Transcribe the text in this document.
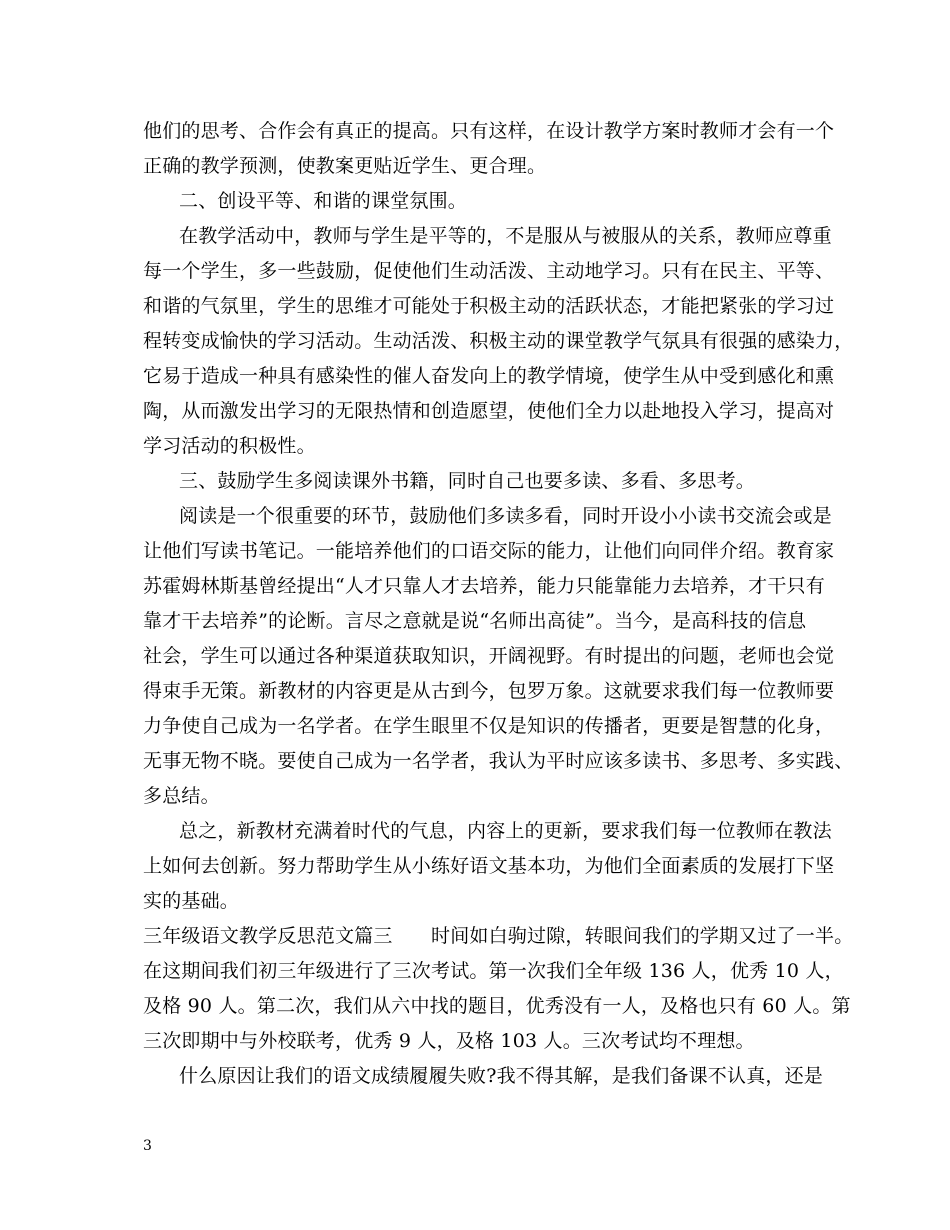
他们的思考、合作会有真正的提高。只有这样，在设计教学方案时教师才会有一个
正确的教学预测，使教案更贴近学生、更合理。
二、创设平等、和谐的课堂氛围。
在教学活动中，教师与学生是平等的，不是服从与被服从的关系，教师应尊重
每一个学生，多一些鼓励，促使他们生动活泼、主动地学习。只有在民主、平等、
和谐的气氛里，学生的思维才可能处于积极主动的活跃状态，才能把紧张的学习过
程转变成愉快的学习活动。生动活泼、积极主动的课堂教学气氛具有很强的感染力，
它易于造成一种具有感染性的催人奋发向上的教学情境，使学生从中受到感化和熏
陶，从而激发出学习的无限热情和创造愿望，使他们全力以赴地投入学习，提高对
学习活动的积极性。
三、鼓励学生多阅读课外书籍，同时自己也要多读、多看、多思考。
阅读是一个很重要的环节，鼓励他们多读多看，同时开设小小读书交流会或是
让他们写读书笔记。一能培养他们的口语交际的能力，让他们向同伴介绍。教育家
苏霍姆林斯基曾经提出“人才只靠人才去培养，能力只能靠能力去培养，才干只有
靠才干去培养”的论断。言尽之意就是说“名师出高徒”。当今，是高科技的信息
社会，学生可以通过各种渠道获取知识，开阔视野。有时提出的问题，老师也会觉
得束手无策。新教材的内容更是从古到今，包罗万象。这就要求我们每一位教师要
力争使自己成为一名学者。在学生眼里不仅是知识的传播者，更要是智慧的化身，
无事无物不晓。要使自己成为一名学者，我认为平时应该多读书、多思考、多实践、
多总结。
总之，新教材充满着时代的气息，内容上的更新，要求我们每一位教师在教法
上如何去创新。努力帮助学生从小练好语文基本功，为他们全面素质的发展打下坚
实的基础。
三年级语文教学反思范文篇三　　时间如白驹过隙，转眼间我们的学期又过了一半。
在这期间我们初三年级进行了三次考试。第一次我们全年级 136 人，优秀 10 人，
及格 90 人。第二次，我们从六中找的题目，优秀没有一人，及格也只有 60 人。第
三次即期中与外校联考，优秀 9 人，及格 103 人。三次考试均不理想。
什么原因让我们的语文成绩履履失败?我不得其解，是我们备课不认真，还是
3
